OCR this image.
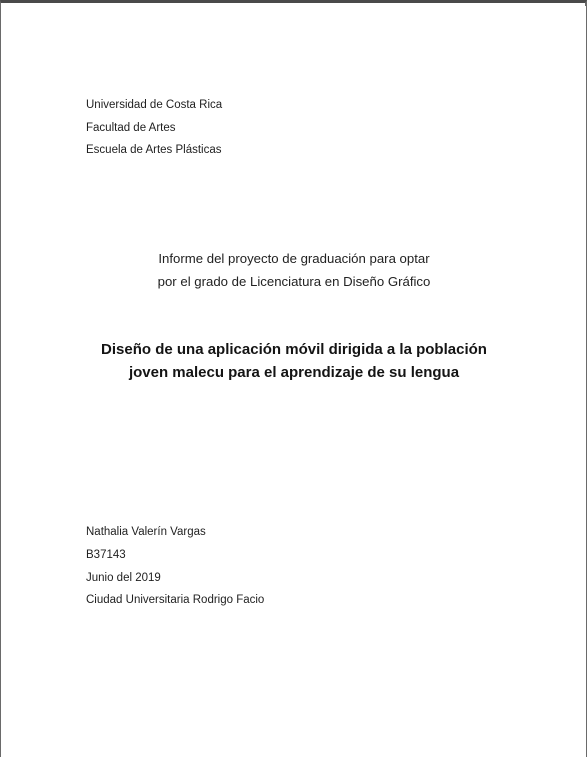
Universidad de Costa Rica
Facultad de Artes
Escuela de Artes Plásticas
Informe del proyecto de graduación para optar
por el grado de Licenciatura en Diseño Gráfico
Diseño de una aplicación móvil dirigida a la población
joven malecu para el aprendizaje de su lengua
Nathalia Valerín Vargas
B37143
Junio del 2019
Ciudad Universitaria Rodrigo Facio
